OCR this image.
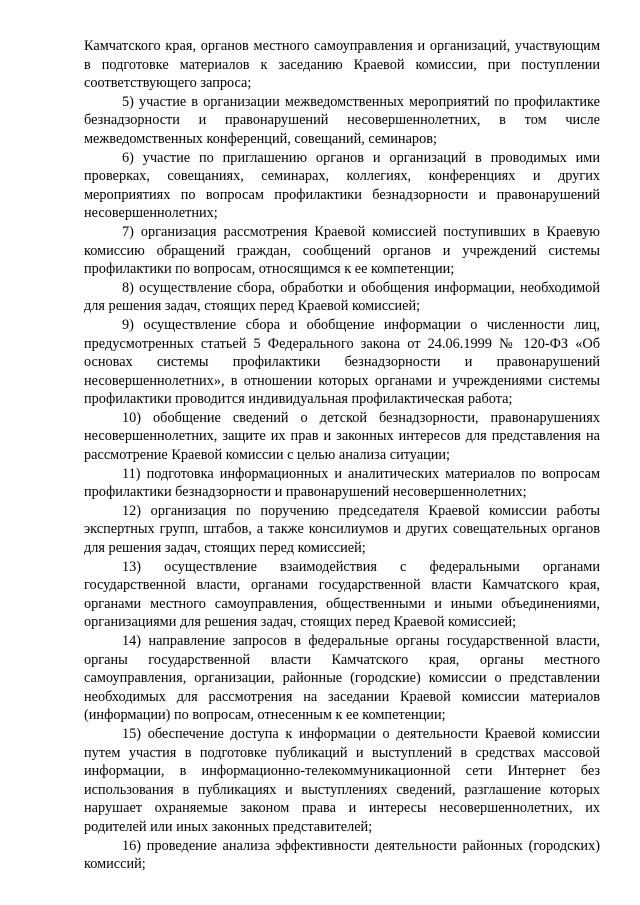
Камчатского края, органов местного самоуправления и организаций, участвующим в подготовке материалов к заседанию Краевой комиссии, при поступлении соответствующего запроса;

5) участие в организации межведомственных мероприятий по профилактике безнадзорности и правонарушений несовершеннолетних, в том числе межведомственных конференций, совещаний, семинаров;

6) участие по приглашению органов и организаций в проводимых ими проверках, совещаниях, семинарах, коллегиях, конференциях и других мероприятиях по вопросам профилактики безнадзорности и правонарушений несовершеннолетних;

7) организация рассмотрения Краевой комиссией поступивших в Краевую комиссию обращений граждан, сообщений органов и учреждений системы профилактики по вопросам, относящимся к ее компетенции;

8) осуществление сбора, обработки и обобщения информации, необходимой для решения задач, стоящих перед Краевой комиссией;

9) осуществление сбора и обобщение информации о численности лиц, предусмотренных статьей 5 Федерального закона от 24.06.1999 № 120-ФЗ «Об основах системы профилактики безнадзорности и правонарушений несовершеннолетних», в отношении которых органами и учреждениями системы профилактики проводится индивидуальная профилактическая работа;

10) обобщение сведений о детской безнадзорности, правонарушениях несовершеннолетних, защите их прав и законных интересов для представления на рассмотрение Краевой комиссии с целью анализа ситуации;

11) подготовка информационных и аналитических материалов по вопросам профилактики безнадзорности и правонарушений несовершеннолетних;

12) организация по поручению председателя Краевой комиссии работы экспертных групп, штабов, а также консилиумов и других совещательных органов для решения задач, стоящих перед комиссией;

13) осуществление взаимодействия с федеральными органами государственной власти, органами государственной власти Камчатского края, органами местного самоуправления, общественными и иными объединениями, организациями для решения задач, стоящих перед Краевой комиссией;

14) направление запросов в федеральные органы государственной власти, органы государственной власти Камчатского края, органы местного самоуправления, организации, районные (городские) комиссии о представлении необходимых для рассмотрения на заседании Краевой комиссии материалов (информации) по вопросам, отнесенным к ее компетенции;

15) обеспечение доступа к информации о деятельности Краевой комиссии путем участия в подготовке публикаций и выступлений в средствах массовой информации, в информационно-телекоммуникационной сети Интернет без использования в публикациях и выступлениях сведений, разглашение которых нарушает охраняемые законом права и интересы несовершеннолетних, их родителей или иных законных представителей;

16) проведение анализа эффективности деятельности районных (городских) комиссий;
